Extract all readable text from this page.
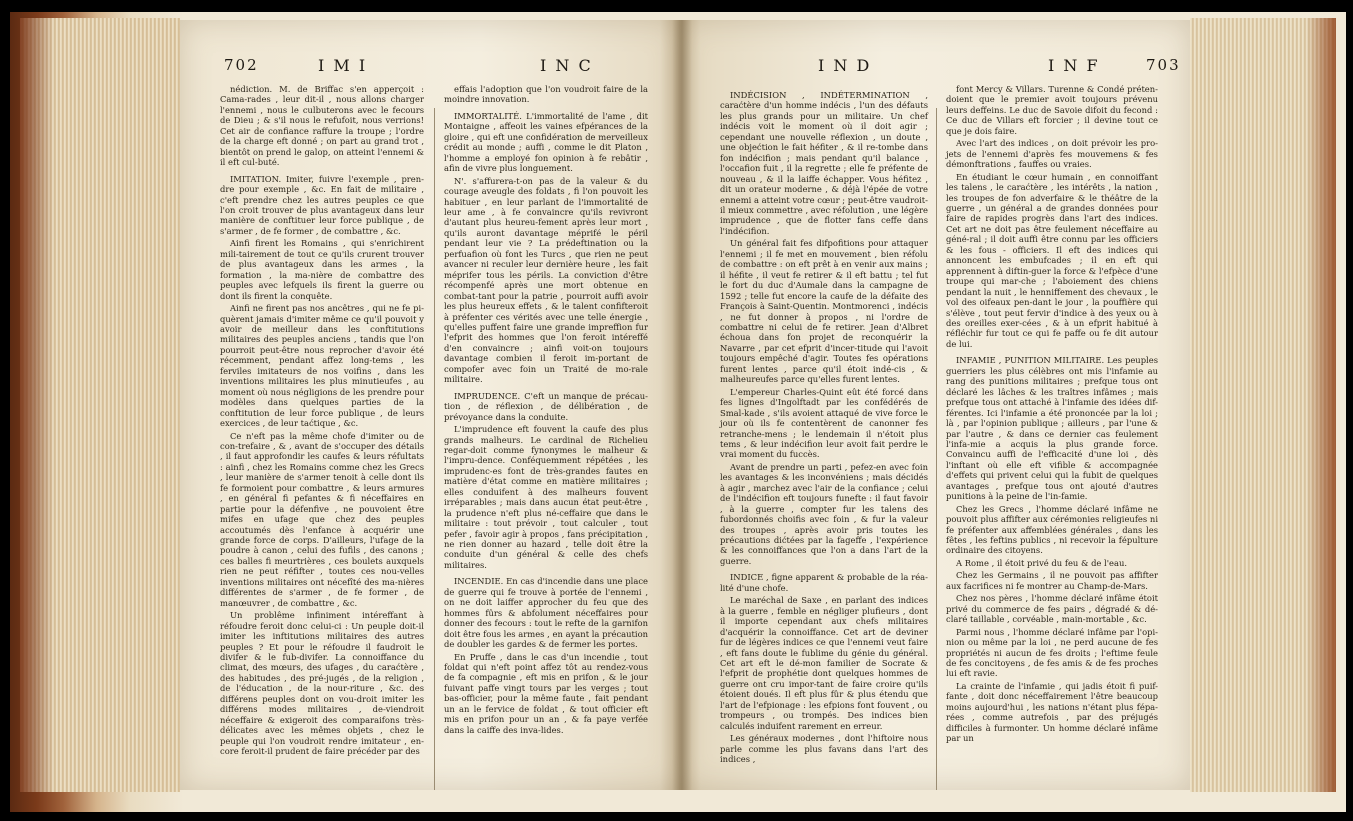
702	I M I	I N C

nédiction. M. de Briffac s'en apperçoit : Cama-rades , leur dit-il , nous allons charger l'ennemi , nous le culbuterons avec le fecours de Dieu ; & s'il nous le refufoit, nous verrions! Cet air de confiance raffure la troupe ; l'ordre de la charge eft donné ; on part au grand trot , bientôt on prend le galop, on atteint l'ennemi & il eft cul-buté.

IMITATION. Imiter, fuivre l'exemple , pren-dre pour exemple , &c. En fait de militaire , c'eft prendre chez les autres peuples ce que l'on croit trouver de plus avantageux dans leur manière de conftituer leur force publique , de s'armer , de fe former , de combattre , &c.

Ainfi firent les Romains , qui s'enrichirent mili-tairement de tout ce qu'ils crurent trouver de plus avantageux dans les armes , la formation , la ma-nière de combattre des peuples avec lefquels ils firent la guerre ou dont ils firent la conquête.

Ainfi ne firent pas nos ancêtres , qui ne fe pi-quèrent jamais d'imiter même ce qu'il pouvoit y avoir de meilleur dans les conftitutions militaires des peuples anciens , tandis que l'on pourroit peut-être nous reprocher d'avoir été récemment, pendant affez long-tems , les ferviles imitateurs de nos voifins , dans les inventions militaires les plus minutieufes , au moment où nous négligions de les prendre pour modèles dans quelques parties de la conftitution de leur force publique , de leurs exercices , de leur taćtique , &c.

Ce n'eft pas la même chofe d'imiter ou de con-trefaire , & , avant de s'occuper des détails , il faut approfondir les caufes & leurs réfultats : ainfi , chez les Romains comme chez les Grecs , leur manière de s'armer tenoit à celle dont ils fe formoient pour combattre , & leurs armures , en général fi pefantes & fi néceffaires en partie pour la défenfive , ne pouvoient être mifes en ufage que chez des peuples accoutumés dès l'enfance à acquérir une grande force de corps. D'ailleurs, l'ufage de la poudre à canon , celui des fufils , des canons ; ces balles fi meurtrières , ces boulets auxquels rien ne peut réfifter , toutes ces nou-velles inventions militaires ont nécefîté des ma-nières différentes de s'armer , de fe former , de manœuvrer , de combattre , &c.

Un problême infiniment intéreffant à réfoudre feroit donc celui-ci : Un peuple doit-il imiter les inftitutions militaires des autres peuples ? Et pour le réfoudre il faudroit le divifer & le fub-divifer. La connoiffance du climat, des mœurs, des ufages , du caraćtère , des habitudes , des pré-jugés , de la religion , de l'éducation , de la nour-riture , &c. des différens peuples dont on vou-droit imiter les différens modes militaires , de-viendroit néceffaire & exigeroit des comparaifons très-délicates avec les mêmes objets , chez le peuple qui l'on voudroit rendre imitateur , en-core feroit-il prudent de faire précéder par des

effais l'adoption que l'on voudroit faire de la moindre innovation.

IMMORTALITÉ. L'immortalité de l'ame , dit Montaigne , affeoit les vaines efpérances de la gloire , qui eft une confidération de merveilleux crédit au monde ; auffi , comme le dit Platon , l'homme a employé fon opinion à fe rebâtir , afin de vivre plus longuement.

N'. s'affurera-t-on pas de la valeur & du courage aveugle des foldats , fi l'on pouvoit les habituer , en leur parlant de l'immortalité de leur ame , à fe convaincre qu'ils revivront d'autant plus heureu-fement après leur mort , qu'ils auront davantage méprifé le péril pendant leur vie ? La prédeftination ou la perfuafion où font les Turcs , que rien ne peut avancer ni reculer leur dernière heure , les fait méprifer tous les périls. La conviction d'être récompenfé après une mort obtenue en combat-tant pour la patrie , pourroit auffi avoir les plus heureux effets , & le talent confifteroit à préfenter ces vérités avec une telle énergie , qu'elles puffent faire une grande impreffion fur l'efprit des hommes que l'on feroit intéreffé d'en convaincre ; ainfi voit-on toujours davantage combien il feroit im-portant de compofer avec foin un Traité de mo-rale militaire.

IMPRUDENCE. C'eft un manque de précau-tion , de réflexion , de délibération , de prévoyance dans la conduite.

L'imprudence eft fouvent la caufe des plus grands malheurs. Le cardinal de Richelieu regar-doit comme fynonymes le malheur & l'impru-dence. Conféquemment répétées , les imprudenc-es font de très-grandes fautes en matière d'état comme en matière militaires ; elles conduifent à des malheurs fouvent irréparables ; mais dans aucun état peut-être , la prudence n'eft plus né-ceffaire que dans le militaire : tout prévoir , tout calculer , tout pefer , favoir agir à propos , fans précipitation , ne rien donner au hazard , telle doit être la conduite d'un général & celle des chefs militaires.

INCENDIE. En cas d'incendie dans une place de guerre qui fe trouve à portée de l'ennemi , on ne doit laiffer approcher du feu que des hommes fûrs & abfolument néceffaires pour donner des fecours : tout le refte de la garnifon doit être fous les armes , en ayant la précaution de doubler les gardes & de fermer les portes.

En Pruffe , dans le cas d'un incendie , tout foldat qui n'eft point affez tôt au rendez-vous de fa compagnie , eft mis en prifon , & le jour fuivant paffe vingt tours par les verges ; tout bas-officier, pour la même faute , fait pendant un an le fervice de foldat , & tout officier eft mis en prifon pour un an , & fa paye verfée dans la caiffe des inva-lides.

I N D	I N F	703

INDÉCISION , INDÉTERMINATION , caraćtère d'un homme indécis , l'un des défauts les plus grands pour un militaire. Un chef indécis voit le moment où il doit agir ; cependant une nouvelle réflexion , un doute , une objećtion le fait héfiter , & il re-tombe dans fon indécifion ; mais pendant qu'il balance , l'occafion fuit , il la regrette ; elle fe préfente de nouveau , & il la laiffe échapper. Vous héfitez , dit un orateur moderne , & déjà l'épée de votre ennemi a atteint votre cœur ; peut-être vaudroit-il mieux commettre , avec réfolution , une légère imprudence , que de flotter fans ceffe dans l'indécifion.

Un général fait fes difpofitions pour attaquer l'ennemi ; il fe met en mouvement , bien réfolu de combattre : on eft prêt à en venir aux mains ; il héfite , il veut fe retirer & il eft battu ; tel fut le fort du duc d'Aumale dans la campagne de 1592 ; telle fut encore la caufe de la défaite des François à Saint-Quentin. Montmorenci , indécis , ne fut donner à propos , ni l'ordre de combattre ni celui de fe retirer. Jean d'Albret échoua dans fon projet de reconquérir la Navarre , par cet efprit d'incer-titude qui l'avoit toujours empêché d'agir. Toutes fes opérations furent lentes , parce qu'il étoit indé-cis , & malheureufes parce qu'elles furent lentes.

L'empereur Charles-Quint eût été forcé dans fes lignes d'Ingolftadt par les confédérés de Smal-kade , s'ils avoient attaqué de vive force le jour où ils fe contentèrent de canonner fes retranche-mens ; le lendemain il n'étoit plus tems , & leur indécifion leur avoit fait perdre le vrai moment du fuccès.

Avant de prendre un parti , pefez-en avec foin les avantages & les inconvéniens ; mais décidés à agir , marchez avec l'air de la confiance ; celui de l'indécifion eft toujours funefte : il faut favoir , à la guerre , compter fur les talens des fubordonnés choifis avec foin , & fur la valeur des troupes , après avoir pris toutes les précautions dićtées par la fageffe , l'expérience & les connoiffances que l'on a dans l'art de la guerre.

INDICE , figne apparent & probable de la réa-lité d'une chofe.

Le maréchal de Saxe , en parlant des indices à la guerre , femble en négliger plufieurs , dont il importe cependant aux chefs militaires d'acquérir la connoiffance. Cet art de deviner fur de légères indices ce que l'ennemi veut faire , eft fans doute le fublime du génie du général. Cet art eft le dé-mon familier de Socrate & l'efprit de prophétie dont quelques hommes de guerre ont cru impor-tant de faire croire qu'ils étoient doués. Il eft plus fûr & plus étendu que l'art de l'efpionage : les efpions font fouvent , ou trompeurs , ou trompés. Des indices bien calculés induifent rarement en erreur.

Les généraux modernes , dont l'hiftoire nous parle comme les plus favans dans l'art des indices ,

font Mercy & Villars. Turenne & Condé préten-doient que le premier avoit toujours prévenu leurs deffeins. Le duc de Savoie difoit du fecond : Ce duc de Villars eft forcier ; il devine tout ce que je dois faire.

Avec l'art des indices , on doit prévoir les pro-jets de l'ennemi d'après fes mouvemens & fes démonftrations , fauffes ou vraies.

En étudiant le cœur humain , en connoiffant les talens , le caraćtère , les intérêts , la nation , les troupes de fon adverfaire & le théâtre de la guerre , un général a de grandes données pour faire de rapides progrès dans l'art des indices. Cet art ne doit pas être feulement néceffaire au géné-ral ; il doit auffi être connu par les officiers & les fous - officiers. Il eft des indices qui annoncent les embufcades ; il en eft qui apprennent à diftin-guer la force & l'efpèce d'une troupe qui mar-che ; l'aboiement des chiens pendant la nuit , le henniffement des chevaux , le vol des oifeaux pen-dant le jour , la pouffière qui s'élève , tout peut fervir d'indice à des yeux ou à des oreilles exer-cées , & à un efprit habitué à réfléchir fur tout ce qui fe paffe ou fe dit autour de lui.

INFAMIE , PUNITION MILITAIRE. Les peuples guerriers les plus célèbres ont mis l'infamie au rang des punitions militaires ; prefque tous ont déclaré les lâches & les traîtres infâmes ; mais prefque tous ont attaché à l'infamie des idées dif-férentes. Ici l'infamie a été prononcée par la loi ; là , par l'opinion publique ; ailleurs , par l'une & par l'autre , & dans ce dernier cas feulement l'infa-mie a acquis la plus grande force. Convaincu auffi de l'efficacité d'une loi , dès l'inftant où elle eft vifible & accompagnée d'effets qui privent celui qui la fubit de quelques avantages , prefque tous ont ajouté d'autres punitions à la peine de l'in-famie.

Chez les Grecs , l'homme déclaré infâme ne pouvoit plus affifter aux cérémonies religieufes ni fe préfenter aux affemblées générales , dans les fêtes , les feftins publics , ni recevoir la fépulture ordinaire des citoyens.

A Rome , il étoit privé du feu & de l'eau.

Chez les Germains , il ne pouvoit pas affifter aux facrifices ni fe montrer au Champ-de-Mars.

Chez nos pères , l'homme déclaré infâme étoit privé du commerce de fes pairs , dégradé & dé-claré taillable , corvéable , main-mortable , &c.

Parmi nous , l'homme déclaré infâme par l'opi-nion ou même par la loi , ne perd aucune de fes propriétés ni aucun de fes droits ; l'eftime feule de fes concitoyens , de fes amis & de fes proches lui eft ravie.

La crainte de l'infamie , qui jadis étoit fi puif-fante , doit donc néceffairement l'être beaucoup moins aujourd'hui , les nations n'étant plus fépa-rées , comme autrefois , par des préjugés difficiles à furmonter. Un homme déclaré infâme par un
